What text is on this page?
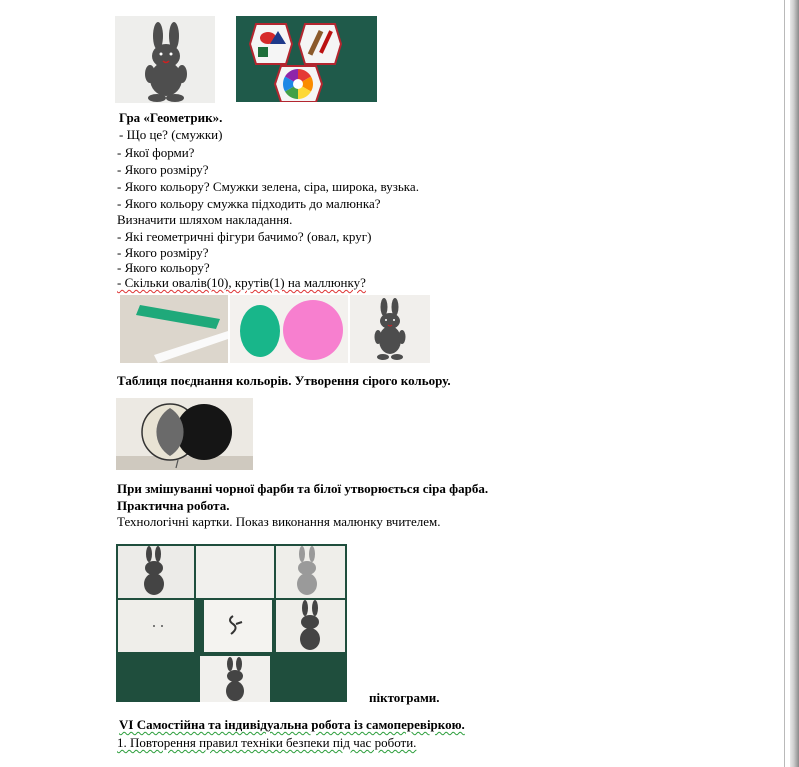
Гра «Геометрик».
- Що це? (смужки)
- Якої форми?
- Якого розміру?
- Якого кольору? Смужки зелена, сіра, широка, вузька.
- Якого кольору смужка підходить до малюнка?
Визначити шляхом накладання.
- Які геометричні фігури бачимо? (овал, круг)
- Якого розміру?
- Якого кольору?
- Скільки овалів(10), крутів(1) на маллюнку?
Таблиця поєднання кольорів. Утворення сірого кольору.
При змішуванні чорної фарби та білої утворюється сіра фарба.
Практична робота.
Технологічні картки. Показ виконання малюнку вчителем.
піктограми.
VI Самостійна та індивідуальна робота із самоперевіркою.
1. Повторення правил техніки безпеки під час роботи.
